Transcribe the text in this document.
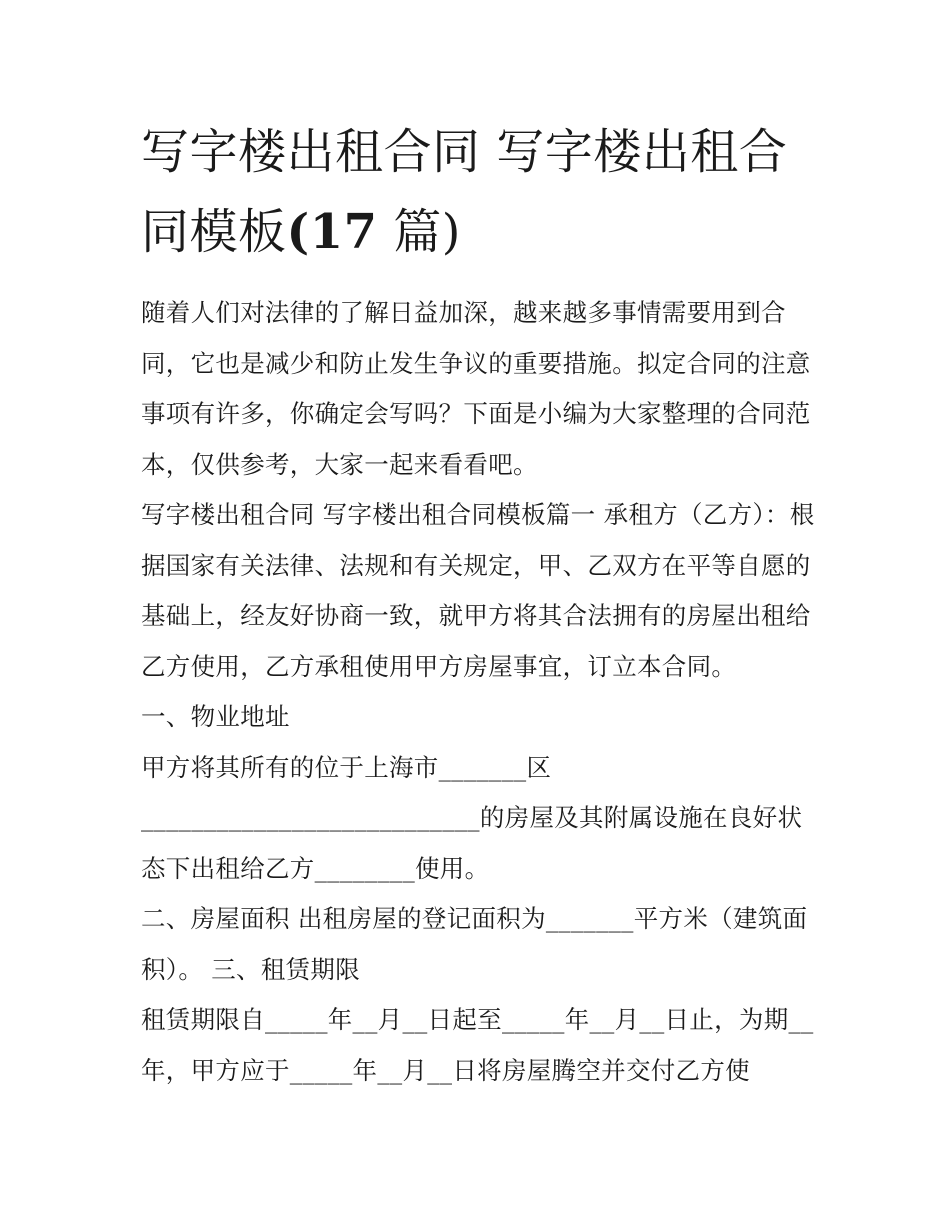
写字楼出租合同 写字楼出租合同模板(17 篇)

随着人们对法律的了解日益加深，越来越多事情需要用到合同，它也是减少和防止发生争议的重要措施。拟定合同的注意事项有许多，你确定会写吗？下面是小编为大家整理的合同范本，仅供参考，大家一起来看看吧。

写字楼出租合同 写字楼出租合同模板篇一 承租方（乙方）：根据国家有关法律、法规和有关规定，甲、乙双方在平等自愿的基础上，经友好协商一致，就甲方将其合法拥有的房屋出租给乙方使用，乙方承租使用甲方房屋事宜，订立本合同。

一、物业地址

甲方将其所有的位于上海市_______区
___________________________的房屋及其附属设施在良好状态下出租给乙方________使用。

二、房屋面积 出租房屋的登记面积为_______平方米（建筑面积）。 三、租赁期限

租赁期限自_____年__月__日起至_____年__月__日止，为期__年，甲方应于_____年__月__日将房屋腾空并交付乙方使
